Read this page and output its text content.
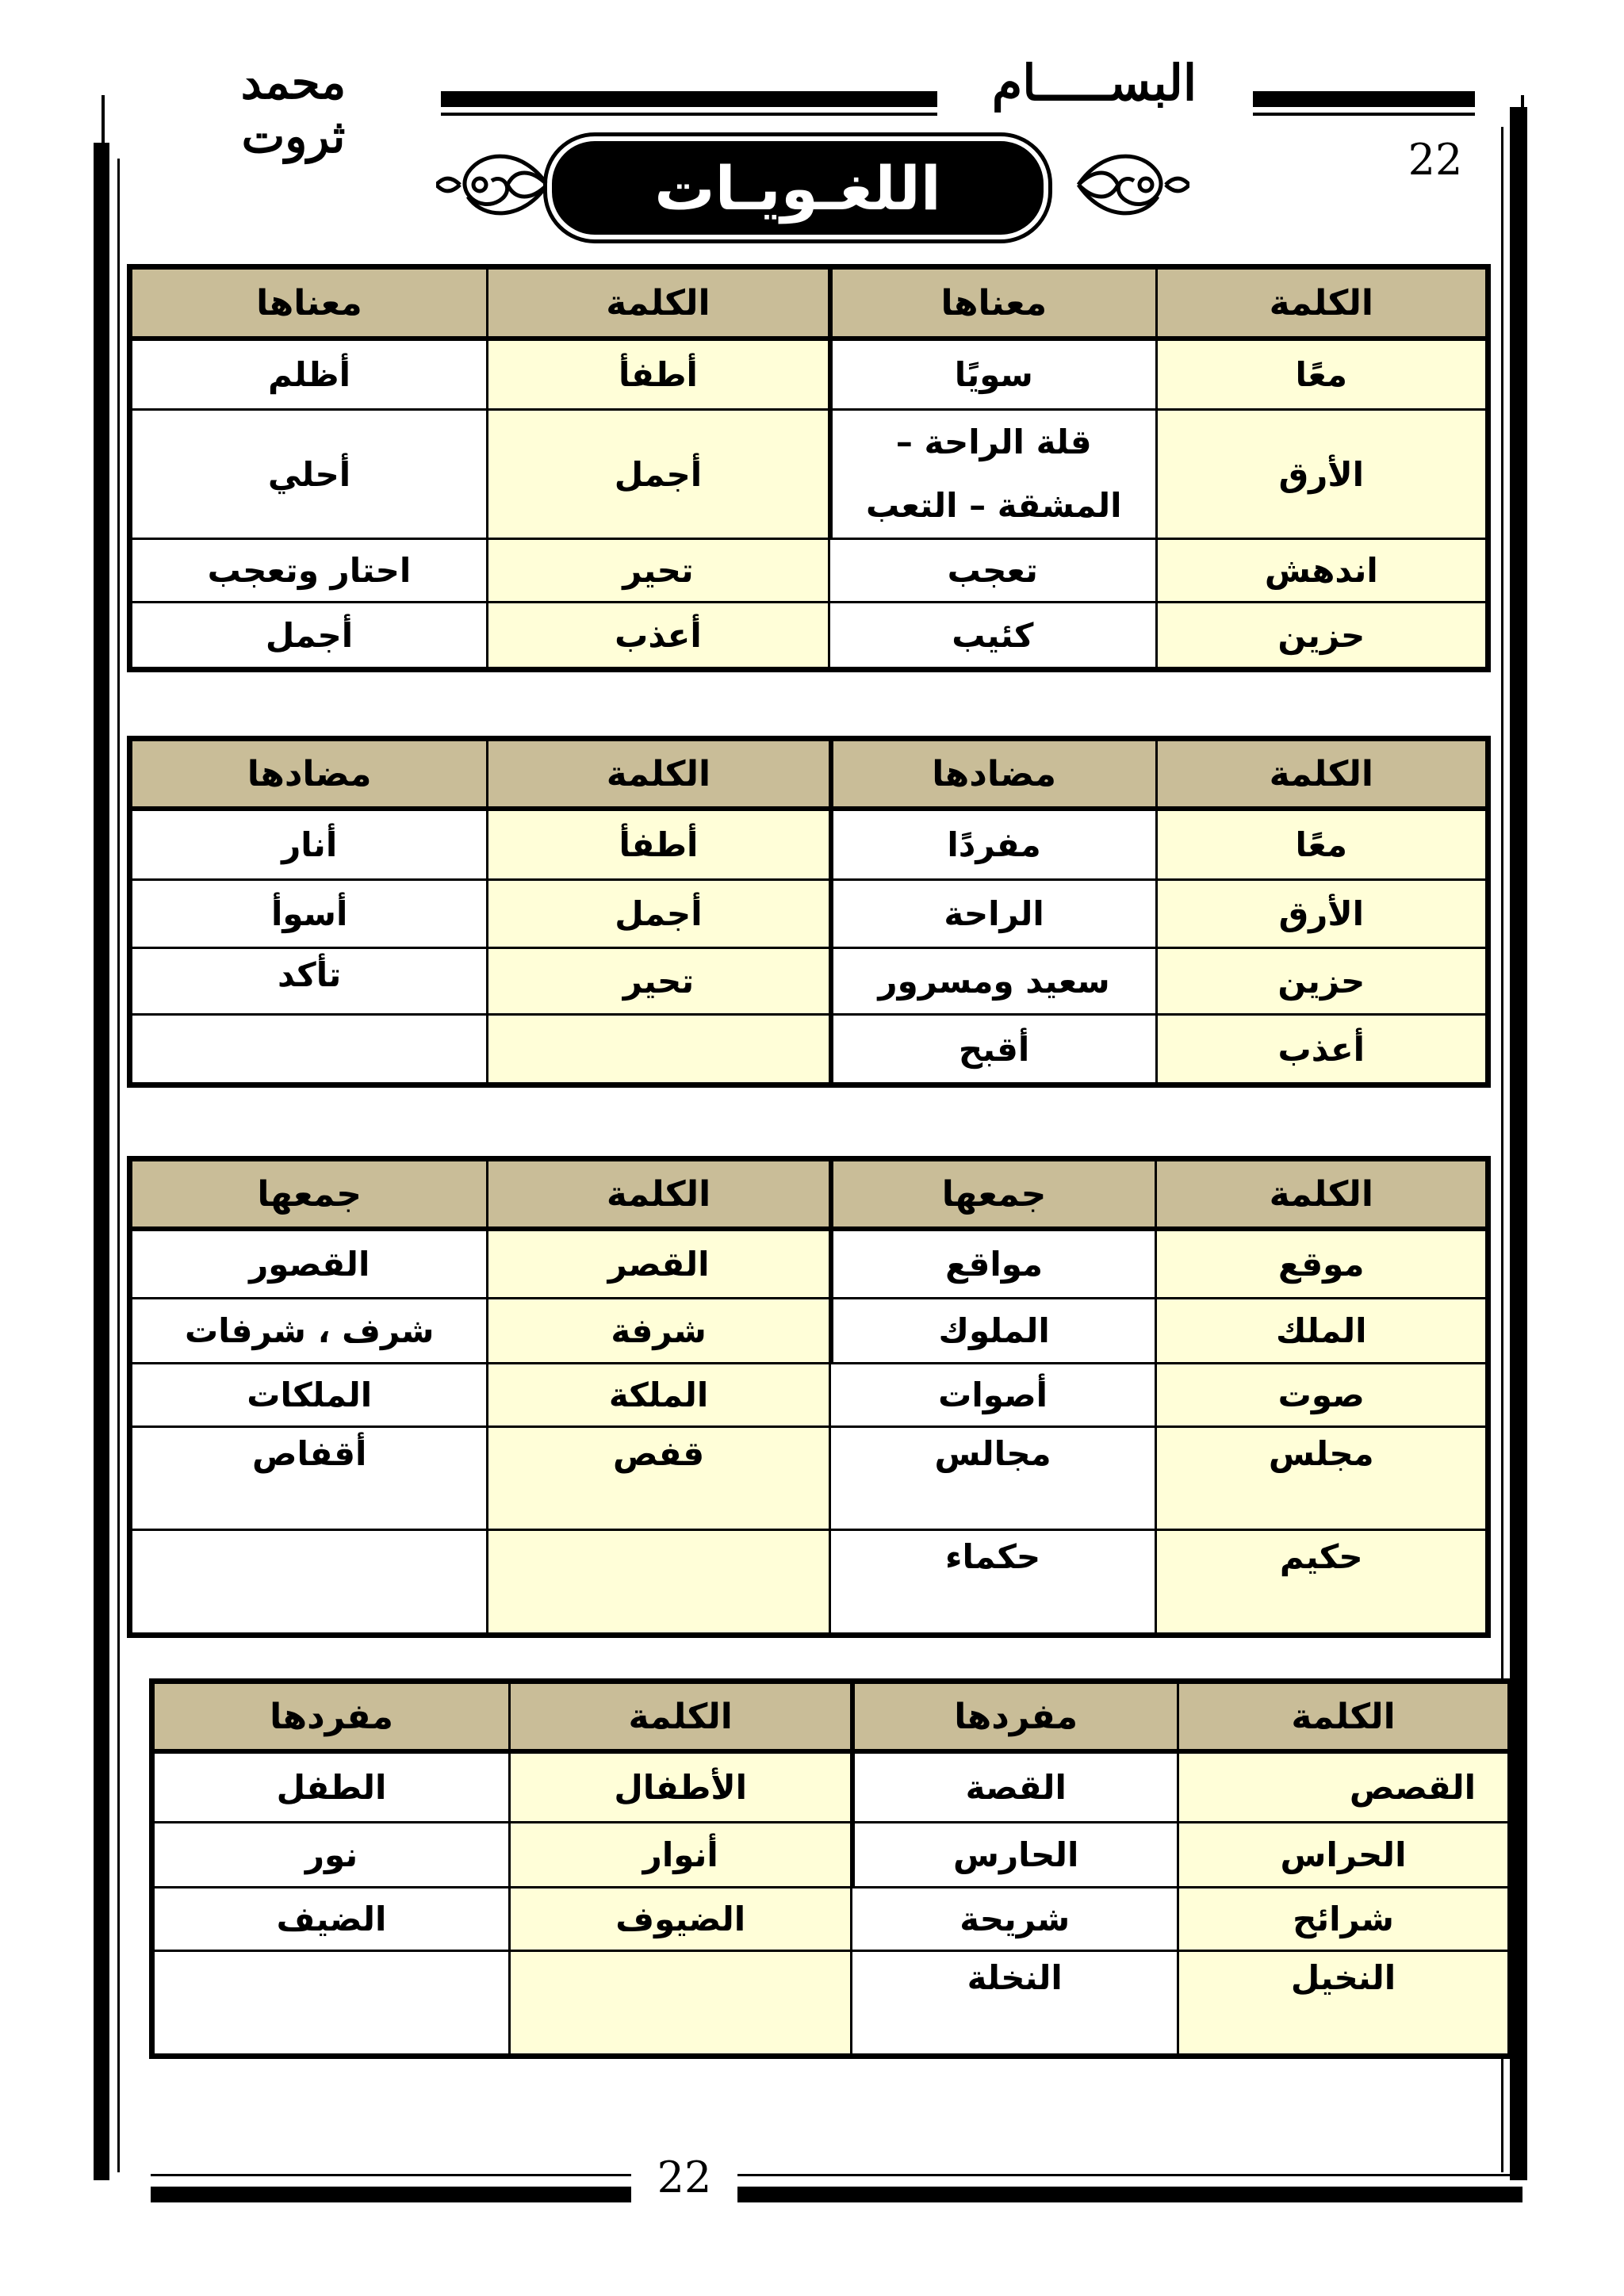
محمد ثروت
البســـــام
22
اللغـويـات
الكلمة	معناها	الكلمة	معناها
معًا	سويًا	أطفأ	أظلم
الأرق	قلة الراحة – المشقة – التعب	أجمل	أحلي
اندهش	تعجب	تحير	احتار وتعجب
حزين	كئيب	أعذب	أجمل
الكلمة	مضادها	الكلمة	مضادها
معًا	مفردًا	أطفأ	أنار
الأرق	الراحة	أجمل	أسوأ
حزين	سعيد ومسرور	تحير	تأكد
أعذب	أقبح		
الكلمة	جمعها	الكلمة	جمعها
موقع	مواقع	القصر	القصور
الملك	الملوك	شرفة	شرف ، شرفات
صوت	أصوات	الملكة	الملكات
مجلس	مجالس	قفص	أقفاص
حكيم	حكماء		
الكلمة	مفردها	الكلمة	مفردها
القصص	القصة	الأطفال	الطفل
الحراس	الحارس	أنوار	نور
شرائح	شريحة	الضيوف	الضيف
النخيل	النخلة		
22
